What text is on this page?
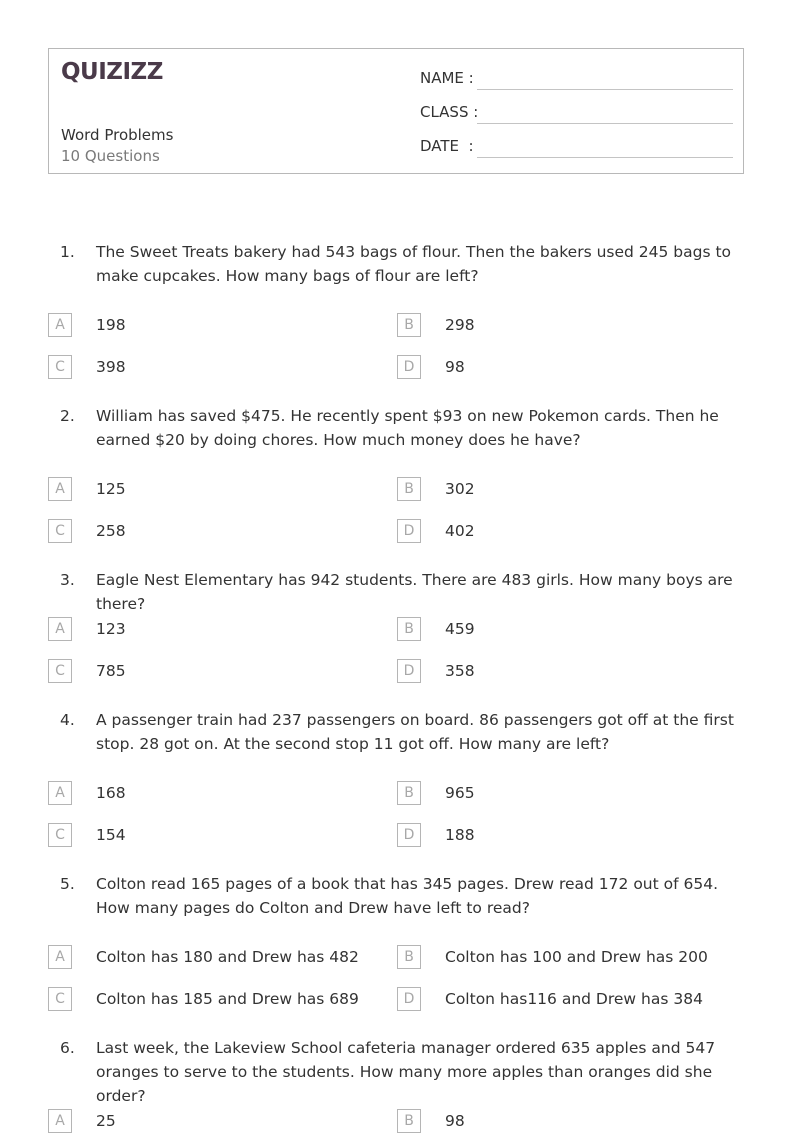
QUIZIZZ
Word Problems
10 Questions
NAME :
CLASS :
DATE  :
1. The Sweet Treats bakery had 543 bags of flour. Then the bakers used 245 bags to make cupcakes. How many bags of flour are left?
A	198	B	298
C	398	D	98
2. William has saved $475. He recently spent $93 on new Pokemon cards. Then he earned $20 by doing chores. How much money does he have?
A	125	B	302
C	258	D	402
3. Eagle Nest Elementary has 942 students. There are 483 girls. How many boys are there?
A	123	B	459
C	785	D	358
4. A passenger train had 237 passengers on board. 86 passengers got off at the first stop. 28 got on. At the second stop 11 got off. How many are left?
A	168	B	965
C	154	D	188
5. Colton read 165 pages of a book that has 345 pages. Drew read 172 out of 654. How many pages do Colton and Drew have left to read?
A	Colton has 180 and Drew has 482	B	Colton has 100 and Drew has 200
C	Colton has 185 and Drew has 689	D	Colton has116 and Drew has 384
6. Last week, the Lakeview School cafeteria manager ordered 635 apples and 547 oranges to serve to the students. How many more apples than oranges did she order?
A	25	B	98
